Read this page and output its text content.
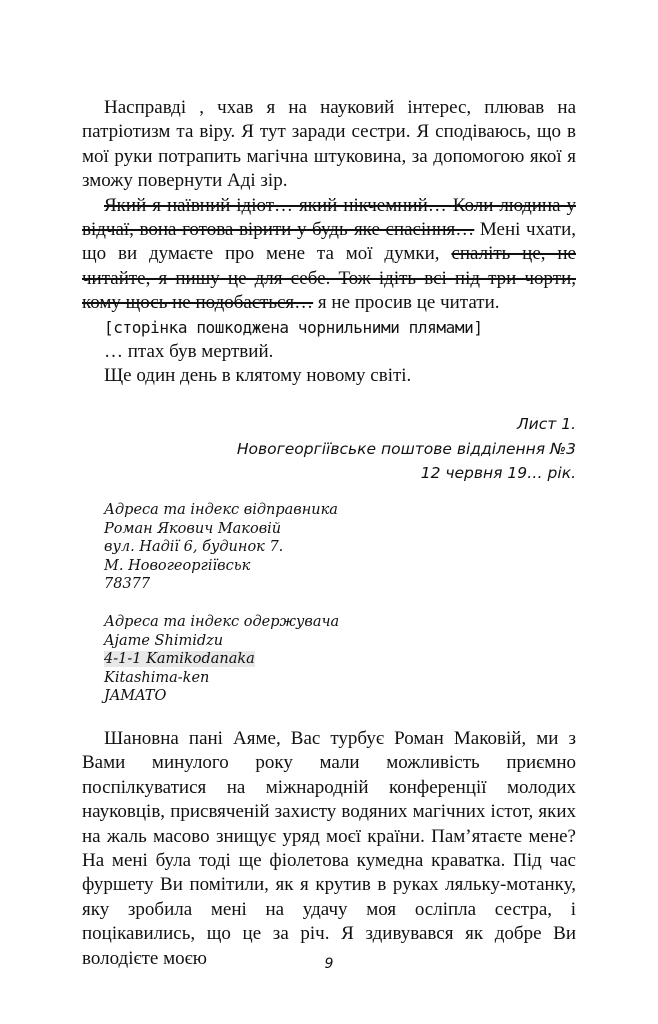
Насправді , чхав я на науковий інтерес, плював на патріотизм та віру. Я тут заради сестри. Я сподіваюсь, що в мої руки потрапить магічна штуковина, за допомогою якої я зможу повернути Аді зір.

Який я наївний ідіот… який нікчемний… Коли людина у відчаї, вона готова вірити у будь-яке спасіння… Мені чхати, що ви думаєте про мене та мої думки, спаліть це, не читайте, я пишу це для себе. Тож ідіть всі під три чорти, кому щось не подобається… я не просив це читати.

[сторінка пошкоджена чорнильними плямами]

… птах був мертвий.

Ще один день в клятому новому світі.

Лист 1.
Новогеоргіївське поштове відділення №3
12 червня 19… рік.
Адреса та індекс відправника
Роман Якович Маковій
вул. Надії 6, будинок 7.
М. Новогеоргіївськ
78377
Адреса та індекс одержувача
Ajame Shimidzu
4-1-1 Kamikodanaka
Kitashima-ken
JAMATO

Шановна пані Аяме, Вас турбує Роман Маковій, ми з Вами минулого року мали можливість приємно поспілкуватися на міжнародній конференції молодих науковців, присвяченій захисту водяних магічних істот, яких на жаль масово знищує уряд моєї країни. Пам’ятаєте мене? На мені була тоді ще фіолетова кумедна краватка. Під час фуршету Ви помітили, як я крутив в руках ляльку-мотанку, яку зробила мені на удачу моя осліпла сестра, і поцікавились, що це за річ. Я здивувався як добре Ви володієте моєю	9
